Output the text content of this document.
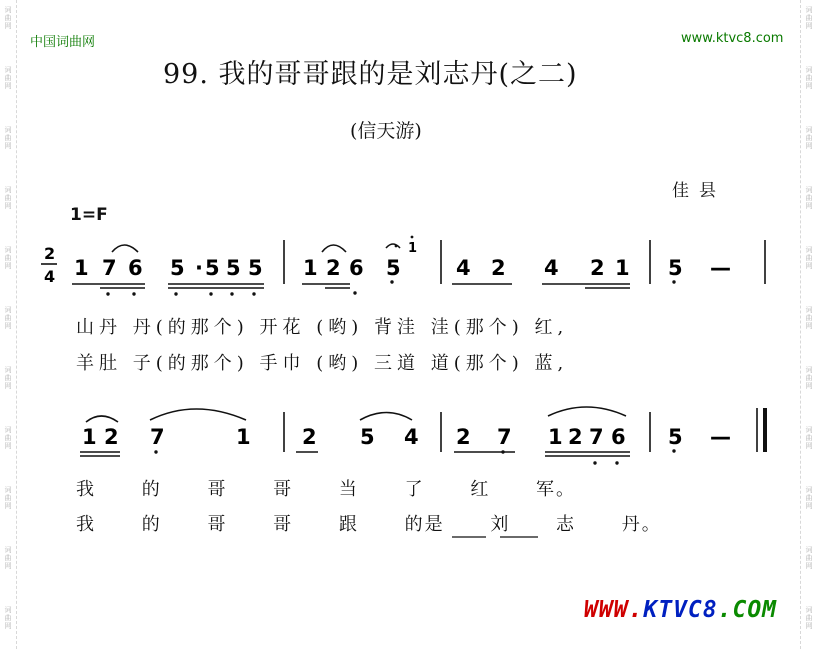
词
曲
网
词
曲
网
词
曲
网
词
曲
网
词
曲
网
词
曲
网
词
曲
网
词
曲
网
词
曲
网
词
曲
网
词
曲
网
词
曲
网
词
曲
网
词
曲
网
词
曲
网
词
曲
网
词
曲
网
词
曲
网
词
曲
网
词
曲
网
词
曲
网
词
曲
网
中国词曲网	www.ktvc8.com
99. 我的哥哥跟的是刘志丹(之二)
(信天游)
佳县
1=F
2
4 1 7 6 5 · 5 5 5 1 2 6 5
1
4 2 4 2 1 5 —
1 2 7	1 2 5 4 2 7 1 2 7 6 5 —
山丹 丹(的那个) 开花 (哟) 背洼 洼(那个) 红,
羊肚 子(的那个) 手巾 (哟) 三道 道(那个) 蓝,
我 的 哥 哥 当 了 红 军。
我 的 哥 哥 跟 的是 刘 志 丹。
WWW.KTVC8.COM
